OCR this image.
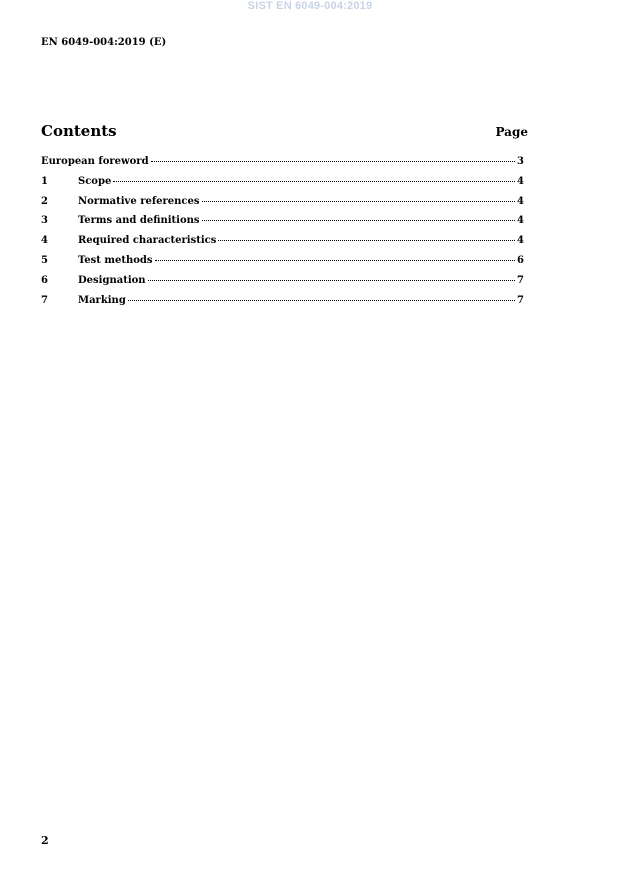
SIST EN 6049-004:2019
EN 6049-004:2019 (E)
Contents	Page
European foreword	3
1	Scope	4
2	Normative references	4
3	Terms and definitions	4
4	Required characteristics	4
5	Test methods	6
6	Designation	7
7	Marking	7
2
